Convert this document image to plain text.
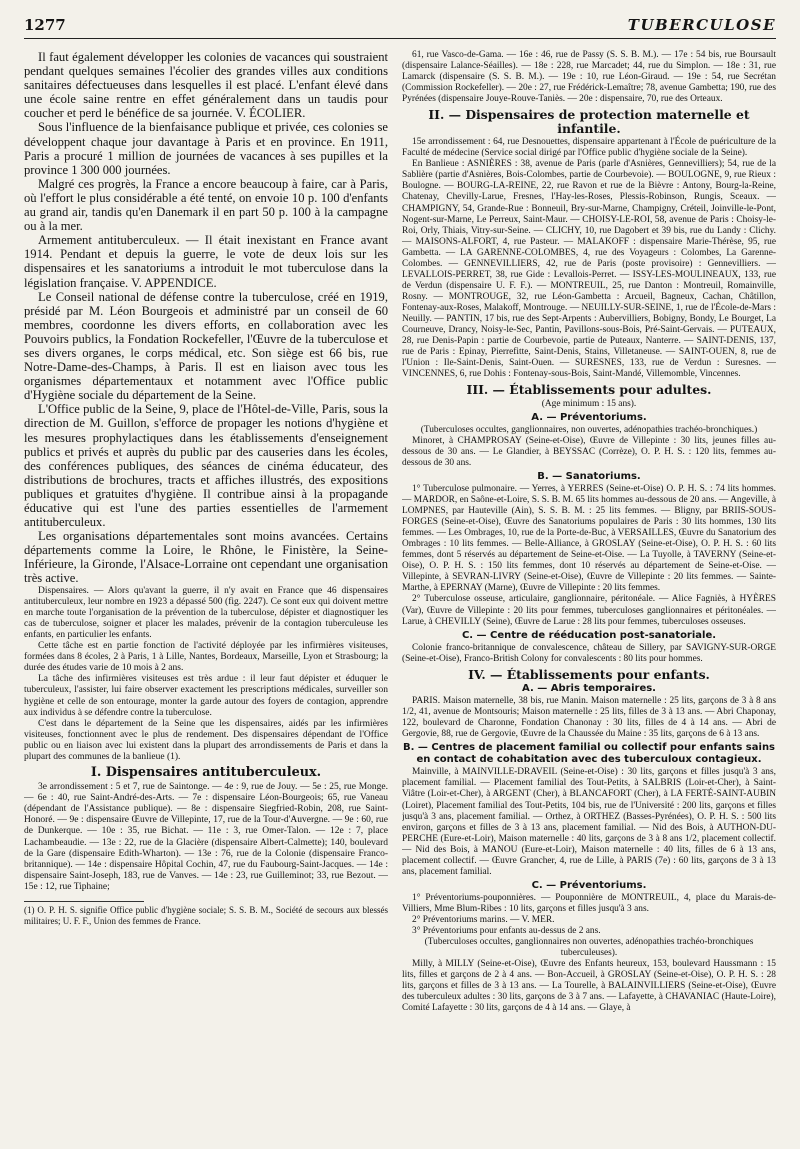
1277	TUBERCULOSE

Il faut également développer les colonies de vacances qui soustraient pendant quelques semaines l'écolier des grandes villes aux conditions sanitaires défectueuses dans lesquelles il est placé. L'enfant élevé dans une école saine rentre en effet généralement dans un taudis pour coucher et perd le bénéfice de sa journée. V. ÉCOLIER.

Sous l'influence de la bienfaisance publique et privée, ces colonies se développent chaque jour davantage à Paris et en province. En 1911, Paris a procuré 1 million de journées de vacances à ses pupilles et la province 1 300 000 journées.

Malgré ces progrès, la France a encore beaucoup à faire, car à Paris, où l'effort le plus considérable a été tenté, on envoie 10 p. 100 d'enfants au grand air, tandis qu'en Danemark il en part 50 p. 100 à la campagne ou à la mer.

Armement antituberculeux. — Il était inexistant en France avant 1914. Pendant et depuis la guerre, le vote de deux lois sur les dispensaires et les sanatoriums a introduit le mot tuberculose dans la législation française. V. APPENDICE.

Le Conseil national de défense contre la tuberculose, créé en 1919, présidé par M. Léon Bourgeois et administré par un conseil de 60 membres, coordonne les divers efforts, en collaboration avec les Pouvoirs publics, la Fondation Rockefeller, l'Œuvre de la tuberculose et ses divers organes, le corps médical, etc. Son siège est 66 bis, rue Notre-Dame-des-Champs, à Paris. Il est en liaison avec tous les organismes départementaux et notamment avec l'Office public d'Hygiène sociale du département de la Seine.

L'Office public de la Seine, 9, place de l'Hôtel-de-Ville, Paris, sous la direction de M. Guillon, s'efforce de propager les notions d'hygiène et les mesures prophylactiques dans les établissements d'enseignement publics et privés et auprès du public par des causeries dans les écoles, des conférences publiques, des séances de cinéma éducateur, des distributions de brochures, tracts et affiches illustrés, des expositions publiques et gratuites d'hygiène. Il contribue ainsi à la propagande éducative qui est l'une des parties essentielles de l'armement antituberculeux.

Les organisations départementales sont moins avancées. Certains départements comme la Loire, le Rhône, le Finistère, la Seine-Inférieure, la Gironde, l'Alsace-Lorraine ont cependant une organisation très active.

Dispensaires. — Alors qu'avant la guerre, il n'y avait en France que 46 dispensaires antituberculeux, leur nombre en 1923 a dépassé 500 (fig. 2247). Ce sont eux qui doivent mettre en marche toute l'organisation de la prévention de la tuberculose, dépister et diagnostiquer les cas de tuberculose, soigner et placer les malades, prévenir de la contagion tuberculeuse les enfants, en particulier les enfants.

Cette tâche est en partie fonction de l'activité déployée par les infirmières visiteuses, formées dans 8 écoles, 2 à Paris, 1 à Lille, Nantes, Bordeaux, Marseille, Lyon et Strasbourg; la durée des études varie de 10 mois à 2 ans.

La tâche des infirmières visiteuses est très ardue : il leur faut dépister et éduquer le tuberculeux, l'assister, lui faire observer exactement les prescriptions médicales, surveiller son hygiène et celle de son entourage, monter la garde autour des foyers de contagion, apprendre aux individus à se défendre contre la tuberculose.

C'est dans le département de la Seine que les dispensaires, aidés par les infirmières visiteuses, fonctionnent avec le plus de rendement. Des dispensaires dépendant de l'Office public ou en liaison avec lui existent dans la plupart des arrondissements de Paris et dans la plupart des communes de la banlieue (1).

I. Dispensaires antituberculeux.

3e arrondissement : 5 et 7, rue de Saintonge. — 4e : 9, rue de Jouy. — 5e : 25, rue Monge. — 6e : 40, rue Saint-André-des-Arts. — 7e : dispensaire Léon-Bourgeois; 65, rue Vaneau (dépendant de l'Assistance publique). — 8e : dispensaire Siegfried-Robin, 208, rue Saint-Honoré. — 9e : dispensaire Œuvre de Villepinte, 17, rue de la Tour-d'Auvergne. — 9e : 60, rue de Dunkerque. — 10e : 35, rue Bichat. — 11e : 3, rue Omer-Talon. — 12e : 7, place Lachambeaudie. — 13e : 22, rue de la Glacière (dispensaire Albert-Calmette); 140, boulevard de la Gare (dispensaire Edith-Wharton). — 13e : 76, rue de la Colonie (dispensaire Franco-britannique). — 14e : dispensaire Hôpital Cochin, 47, rue du Faubourg-Saint-Jacques. — 14e : dispensaire Saint-Joseph, 183, rue de Vanves. — 14e : 23, rue Guilleminot; 33, rue Bezout. — 15e : 12, rue Tiphaine;

(1) O. P. H. S. signifie Office public d'hygiène sociale; S. S. B. M., Société de secours aux blessés militaires; U. F. F., Union des femmes de France.

61, rue Vasco-de-Gama. — 16e : 46, rue de Passy (S. S. B. M.). — 17e : 54 bis, rue Boursault (dispensaire Lalance-Séailles). — 18e : 228, rue Marcadet; 44, rue du Simplon. — 18e : 31, rue Lamarck (dispensaire (S. S. B. M.). — 19e : 10, rue Léon-Giraud. — 19e : 54, rue Secrétan (Commission Rockefeller). — 20e : 27, rue Frédérick-Lemaître; 78, avenue Gambetta; 190, rue des Pyrénées (dispensaire Jouye-Rouve-Taniès. — 20e : dispensaire, 70, rue des Orteaux.

II. — Dispensaires de protection maternelle et infantile.

15e arrondissement : 64, rue Desnouettes, dispensaire appartenant à l'École de puériculture de la Faculté de médecine (Service social dirigé par l'Office public d'hygiène sociale de la Seine).

En Banlieue : ASNIÈRES : 38, avenue de Paris (parle d'Asnières, Gennevilliers); 54, rue de la Sablière (partie d'Asnières, Bois-Colombes, partie de Courbevoie). — BOULOGNE, 9, rue Rieux : Boulogne. — BOURG-LA-REINE, 22, rue Ravon et rue de la Bièvre : Antony, Bourg-la-Reine, Chatenay, Chevilly-Larue, Fresnes, l'Hay-les-Roses, Plessis-Robinson, Rungis, Sceaux. — CHAMPIGNY, 54, Grande-Rue : Bonneuil, Bry-sur-Marne, Champigny, Créteil, Joinville-le-Pont, Nogent-sur-Marne, Le Perreux, Saint-Maur. — CHOISY-LE-ROI, 58, avenue de Paris : Choisy-le-Roi, Orly, Thiais, Vitry-sur-Seine. — CLICHY, 10, rue Dagobert et 39 bis, rue du Landy : Clichy. — MAISONS-ALFORT, 4, rue Pasteur. — MALAKOFF : dispensaire Marie-Thérèse, 95, rue Gambetta. — LA GARENNE-COLOMBES, 4, rue des Voyageurs : Colombes, La Garenne-Colombes. — GENNEVILLIERS, 42, rue de Paris (poste provisoire) : Gennevilliers. — LEVALLOIS-PERRET, 38, rue Gide : Levallois-Perret. — ISSY-LES-MOULINEAUX, 133, rue de Verdun (dispensaire U. F. F.). — MONTREUIL, 25, rue Danton : Montreuil, Romainville, Rosny. — MONTROUGE, 32, rue Léon-Gambetta : Arcueil, Bagneux, Cachan, Châtillon, Fontenay-aux-Roses, Malakoff, Montrouge. — NEUILLY-SUR-SEINE, 1, rue de l'École-de-Mars : Neuilly. — PANTIN, 17 bis, rue des Sept-Arpents : Aubervilliers, Bobigny, Bondy, Le Bourget, La Courneuve, Drancy, Noisy-le-Sec, Pantin, Pavillons-sous-Bois, Pré-Saint-Gervais. — PUTEAUX, 28, rue Denis-Papin : partie de Courbevoie, partie de Puteaux, Nanterre. — SAINT-DENIS, 137, rue de Paris : Epinay, Pierrefitte, Saint-Denis, Stains, Villetaneuse. — SAINT-OUEN, 8, rue de l'Union : Ile-Saint-Denis, Saint-Ouen. — SURESNES, 133, rue de Verdun : Suresnes. — VINCENNES, 6, rue Dohis : Fontenay-sous-Bois, Saint-Mandé, Villemomble, Vincennes.

III. — Établissements pour adultes.

(Age minimum : 15 ans).

A. — Préventoriums.

(Tuberculoses occultes, ganglionnaires, non ouvertes, adénopathies trachéo-bronchiques.)

Minoret, à CHAMPROSAY (Seine-et-Oise), Œuvre de Villepinte : 30 lits, jeunes filles au-dessous de 30 ans. — Le Glandier, à BEYSSAC (Corrèze), O. P. H. S. : 120 lits, femmes au-dessous de 30 ans.

B. — Sanatoriums.

1° Tuberculose pulmonaire. — Yerres, à YERRES (Seine-et-Oise) O. P. H. S. : 74 lits hommes. — MARDOR, en Saône-et-Loire, S. S. B. M. 65 lits hommes au-dessous de 20 ans. — Angeville, à LOMPNES, par Hauteville (Ain), S. S. B. M. : 25 lits femmes. — Bligny, par BRIIS-SOUS-FORGES (Seine-et-Oise), Œuvre des Sanatoriums populaires de Paris : 30 lits hommes, 130 lits femmes. — Les Ombrages, 10, rue de la Porte-de-Buc, à VERSAILLES, Œuvre du Sanatorium des Ombrages : 10 lits femmes. — Belle-Alliance, à GROSLAY (Seine-et-Oise), O. P. H. S. : 60 lits femmes, dont 5 réservés au département de Seine-et-Oise. — La Tuyolle, à TAVERNY (Seine-et-Oise), O. P. H. S. : 150 lits femmes, dont 10 réservés au département de Seine-et-Oise. — Villepinte, à SEVRAN-LIVRY (Seine-et-Oise), Œuvre de Villepinte : 20 lits femmes. — Sainte-Marthe, à EPERNAY (Marne), Œuvre de Villepinte : 20 lits femmes.

2° Tuberculose osseuse, articulaire, ganglionnaire, péritonéale. — Alice Fagniès, à HYÈRES (Var), Œuvre de Villepinte : 20 lits pour femmes, tuberculoses ganglionnaires et péritonéales. — Larue, à CHEVILLY (Seine), Œuvre de Larue : 28 lits pour femmes, tuberculoses osseuses.

C. — Centre de rééducation post-sanatoriale.

Colonie franco-britannique de convalescence, château de Sillery, par SAVIGNY-SUR-ORGE (Seine-et-Oise), Franco-British Colony for convalescents : 80 lits pour hommes.

IV. — Établissements pour enfants.
A. — Abris temporaires.

PARIS. Maison maternelle, 38 bis, rue Manin. Maison maternelle : 25 lits, garçons de 3 à 8 ans 1/2, 41, avenue de Montsouris; Maison maternelle : 25 lits, filles de 3 à 13 ans. — Abri Chaponay, 122, boulevard de Charonne, Fondation Chanonay : 30 lits, filles de 4 à 14 ans. — Abri de Gergovie, 88, rue de Gergovie, Œuvre de la Chaussée du Maine : 35 lits, garçons de 6 à 13 ans.

B. — Centres de placement familial ou collectif pour enfants sains en contact de cohabitation avec des tuberculoux contagieux.

Mainville, à MAINVILLE-DRAVEIL (Seine-et-Oise) : 30 lits, garçons et filles jusqu'à 3 ans, placement familial. — Placement familial des Tout-Petits, à SALBRIS (Loir-et-Cher), à Saint-Viâtre (Loir-et-Cher), à ARGENT (Cher), à BLANCAFORT (Cher), à LA FERTÉ-SAINT-AUBIN (Loiret), Placement familial des Tout-Petits, 104 bis, rue de l'Université : 200 lits, garçons et filles jusqu'à 3 ans, placement familial. — Orthez, à ORTHEZ (Basses-Pyrénées), O. P. H. S. : 500 lits environ, garçons et filles de 3 à 13 ans, placement familial. — Nid des Bois, à AUTHON-DU-PERCHE (Eure-et-Loir), Maison maternelle : 40 lits, garçons de 3 à 8 ans 1/2, placement collectif. — Nid des Bois, à MANOU (Eure-et-Loir), Maison maternelle : 40 lits, filles de 6 à 13 ans, placement collectif. — Œuvre Grancher, 4, rue de Lille, à PARIS (7e) : 60 lits, garçons de 3 à 13 ans, placement familial.

C. — Préventoriums.

1° Préventoriums-pouponnières. — Pouponnière de MONTREUIL, 4, place du Marais-de-Villiers, Mme Blum-Ribes : 10 lits, garçons et filles jusqu'à 3 ans.

2° Préventoriums marins. — V. MER.

3° Préventoriums pour enfants au-dessus de 2 ans.

(Tuberculoses occultes, ganglionnaires non ouvertes, adénopathies trachéo-bronchiques tuberculeuses).

Milly, à MILLY (Seine-et-Oise), Œuvre des Enfants heureux, 153, boulevard Haussmann : 15 lits, filles et garçons de 2 à 4 ans. — Bon-Accueil, à GROSLAY (Seine-et-Oise), O. P. H. S. : 28 lits, garçons et filles de 3 à 13 ans. — La Tourelle, à BALAINVILLIERS (Seine-et-Oise), Œuvre des tuberculeux adultes : 30 lits, garçons de 3 à 7 ans. — Lafayette, à CHAVANIAC (Haute-Loire), Comité Lafayette : 30 lits, garçons de 4 à 14 ans. — Glaye, à
